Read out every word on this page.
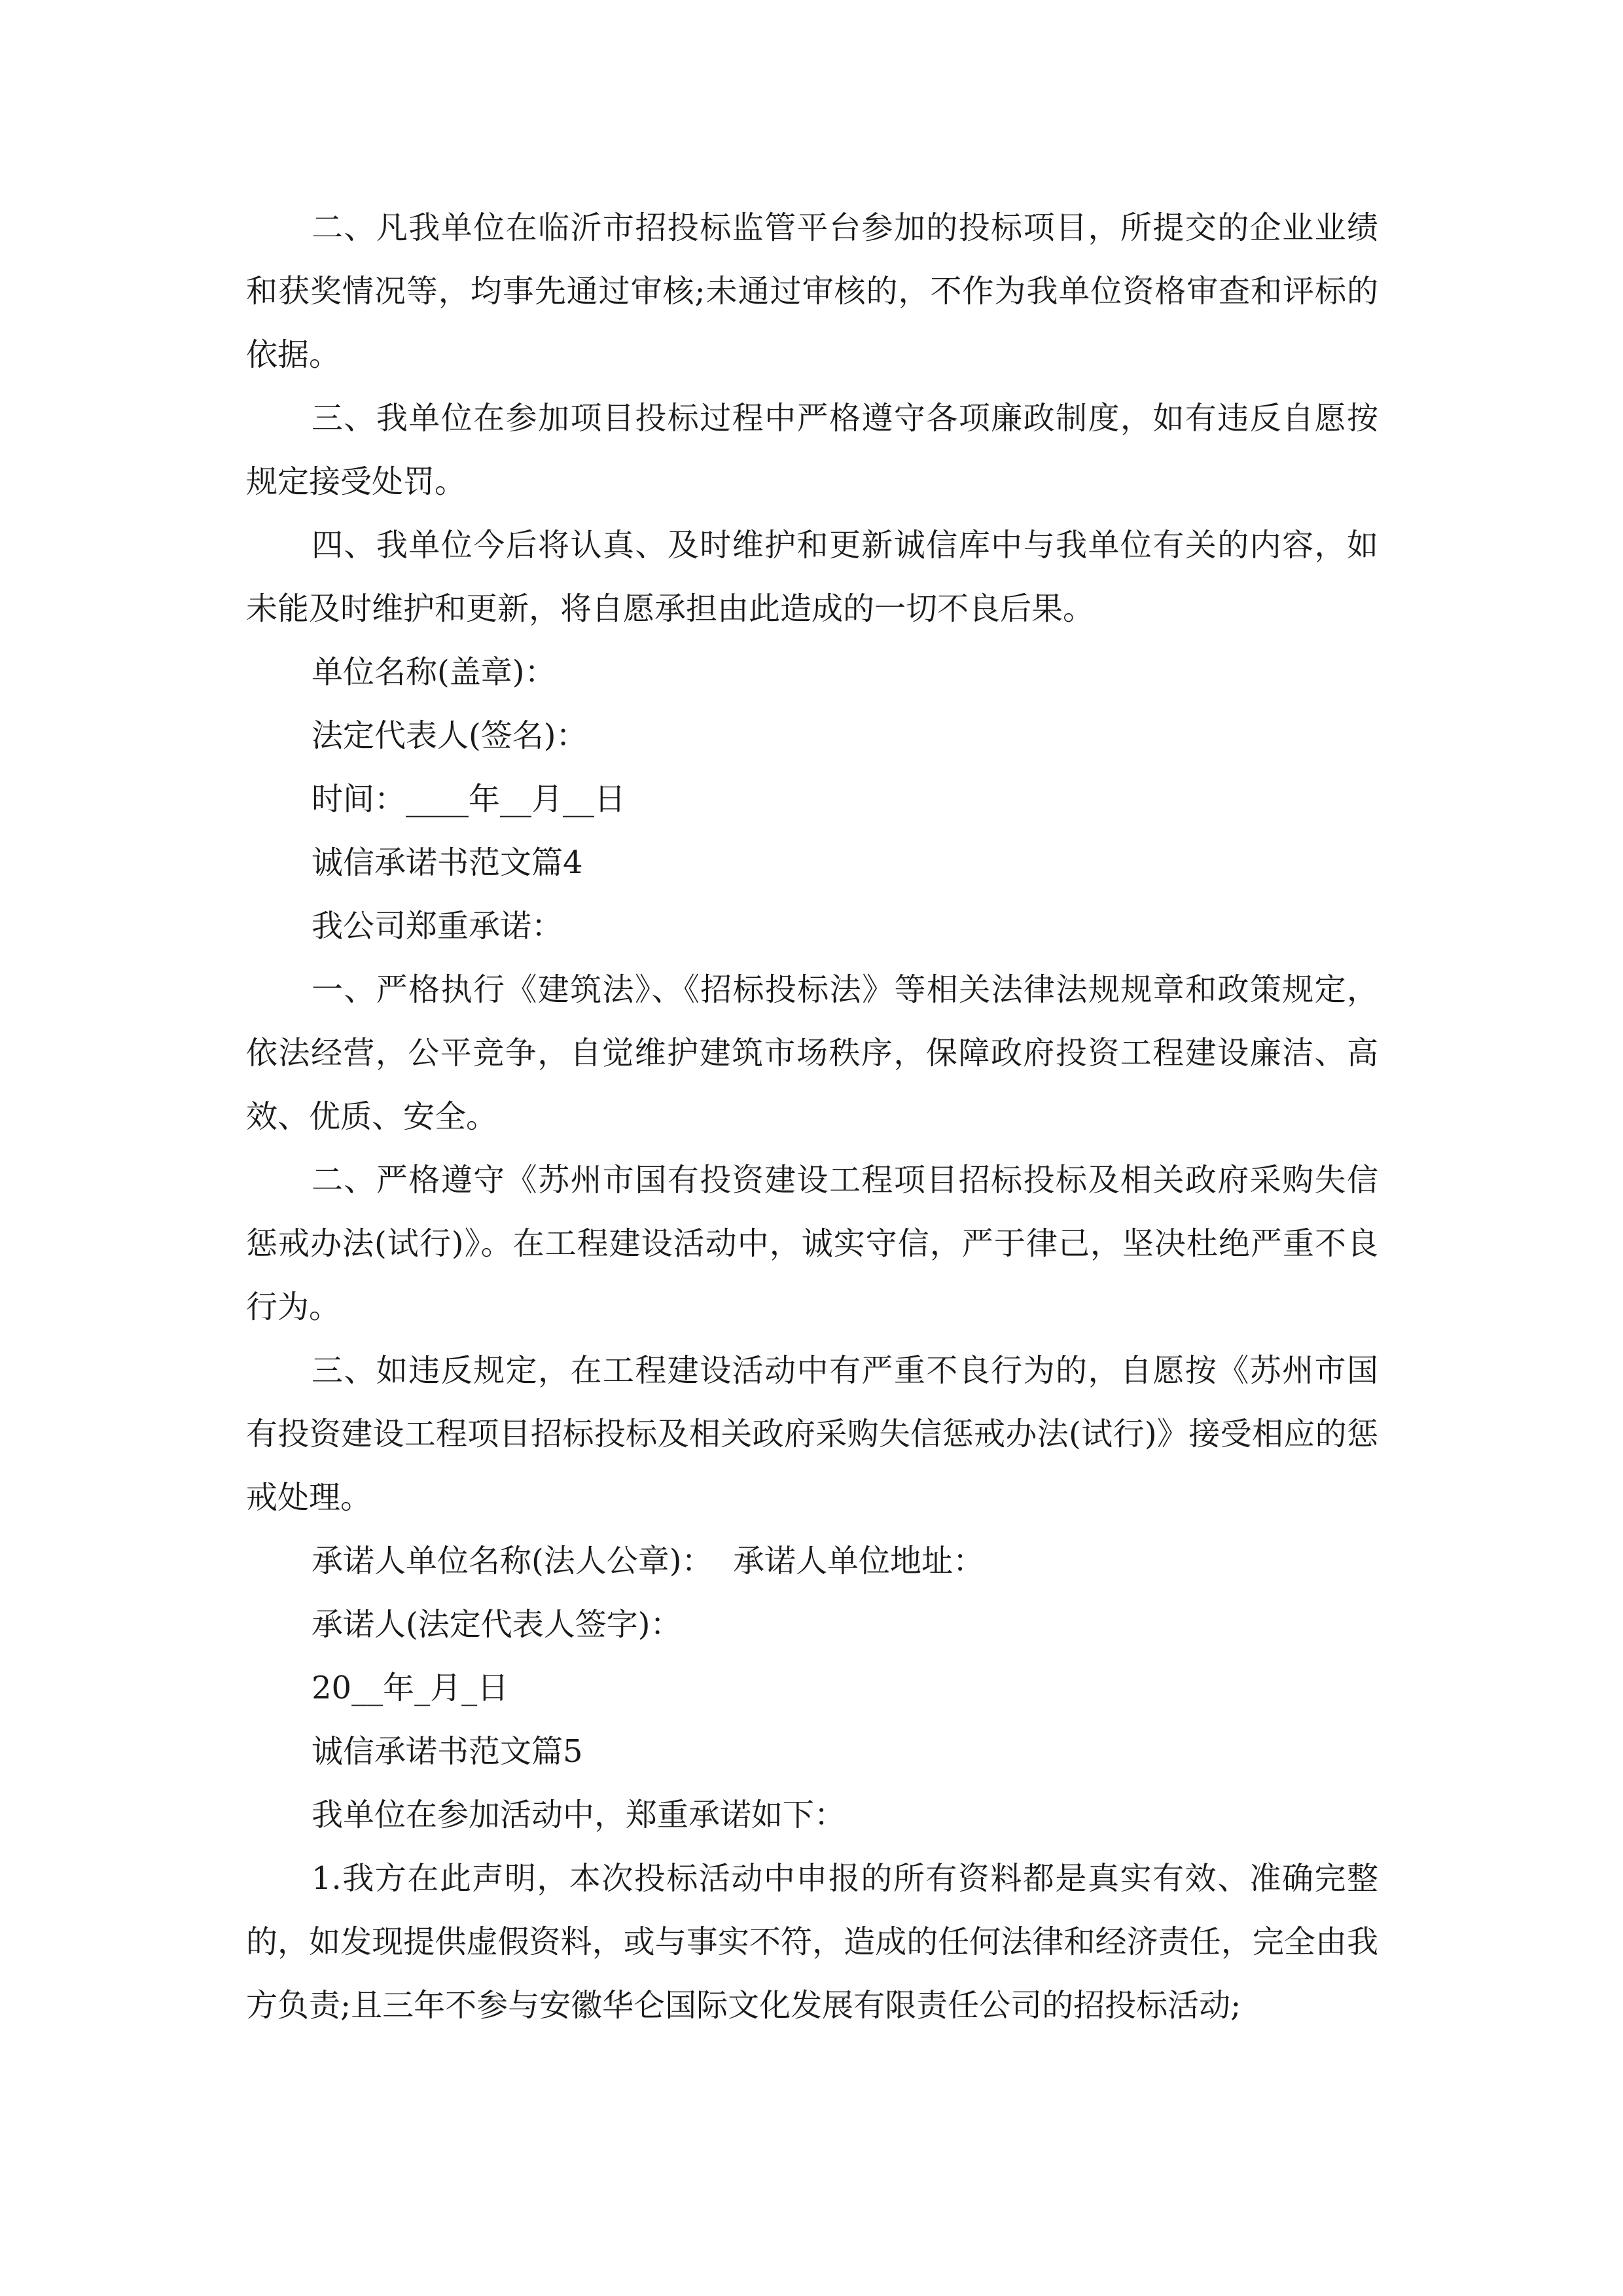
二、凡我单位在临沂市招投标监管平台参加的投标项目，所提交的企业业绩和获奖情况等，均事先通过审核;未通过审核的，不作为我单位资格审查和评标的依据。

三、我单位在参加项目投标过程中严格遵守各项廉政制度，如有违反自愿按规定接受处罚。

四、我单位今后将认真、及时维护和更新诚信库中与我单位有关的内容，如未能及时维护和更新，将自愿承担由此造成的一切不良后果。

单位名称(盖章)：

法定代表人(签名)：

时间：____年__月__日

诚信承诺书范文篇4

我公司郑重承诺：

一、严格执行《建筑法》、《招标投标法》等相关法律法规规章和政策规定，依法经营，公平竞争，自觉维护建筑市场秩序，保障政府投资工程建设廉洁、高效、优质、安全。

二、严格遵守《苏州市国有投资建设工程项目招标投标及相关政府采购失信惩戒办法(试行)》。在工程建设活动中，诚实守信，严于律己，坚决杜绝严重不良行为。

三、如违反规定，在工程建设活动中有严重不良行为的，自愿按《苏州市国有投资建设工程项目招标投标及相关政府采购失信惩戒办法(试行)》接受相应的惩戒处理。

承诺人单位名称(法人公章)：  承诺人单位地址：

承诺人(法定代表人签字)：

20__年_月_日

诚信承诺书范文篇5

我单位在参加活动中，郑重承诺如下：

1.我方在此声明，本次投标活动中申报的所有资料都是真实有效、准确完整的，如发现提供虚假资料，或与事实不符，造成的任何法律和经济责任，完全由我方负责;且三年不参与安徽华仑国际文化发展有限责任公司的招投标活动;
